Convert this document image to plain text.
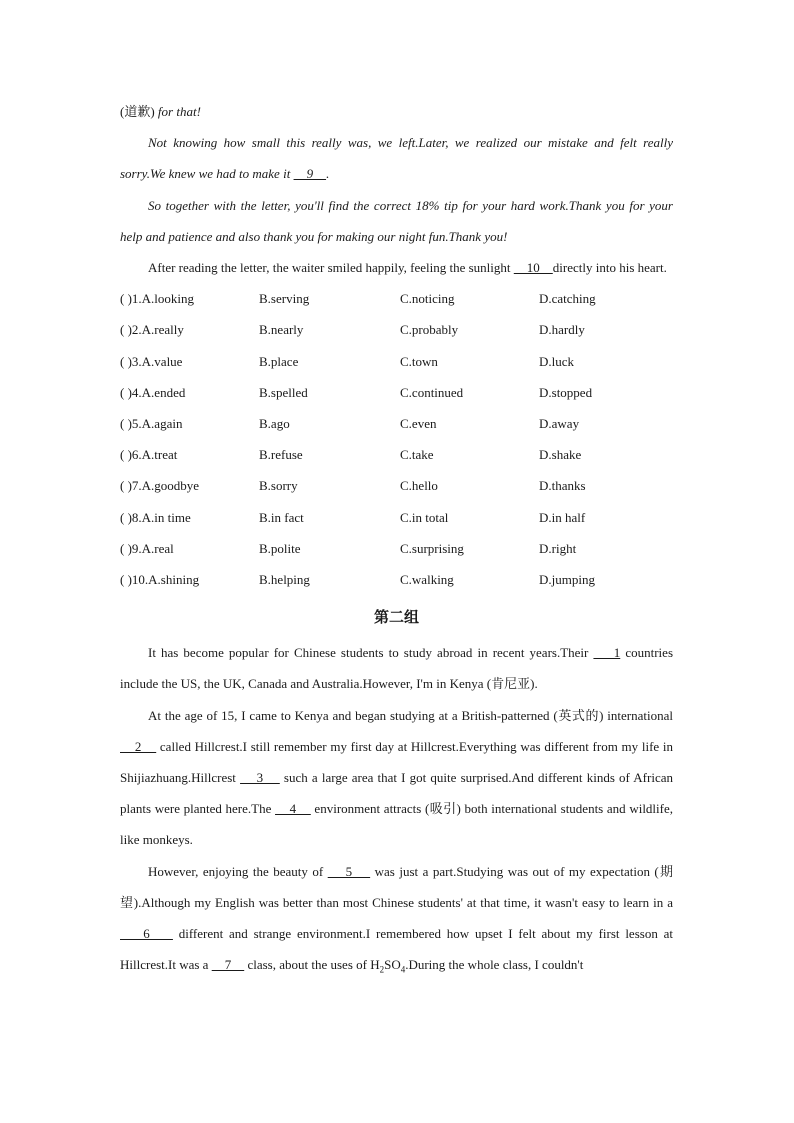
(道歉) for that!

Not knowing how small this really was, we left.Later, we realized our mistake and felt really sorry.We knew we had to make it     9    .

So together with the letter, you'll find the correct 18% tip for your hard work.Thank you for your help and patience and also thank you for making our night fun.Thank you!

After reading the letter, the waiter smiled happily, feeling the sunlight     10    directly into his heart.

( )1.A.looking	B.serving	C.noticing	D.catching
( )2.A.really	B.nearly	C.probably	D.hardly
( )3.A.value	B.place	C.town	D.luck
( )4.A.ended	B.spelled	C.continued	D.stopped
( )5.A.again	B.ago	C.even	D.away
( )6.A.treat	B.refuse	C.take	D.shake
( )7.A.goodbye	B.sorry	C.hello	D.thanks
( )8.A.in time	B.in fact	C.in total	D.in half
( )9.A.real	B.polite	C.surprising	D.right
( )10.A.shining	B.helping	C.walking	D.jumping
第二组

It has become popular for Chinese students to study abroad in recent years.Their     1 countries include the US, the UK, Canada and Australia.However, I'm in Kenya (肯尼亚).

At the age of 15, I came to Kenya and began studying at a British-patterned (英式的) international     2     called Hillcrest.I still remember my first day at Hillcrest.Everything was different from my life in Shijiazhuang.Hillcrest     3     such a large area that I got quite surprised.And different kinds of African plants were planted here.The     4     environment attracts (吸引) both international students and wildlife, like monkeys.

However, enjoying the beauty of     5     was just a part.Studying was out of my expectation (期望).Although my English was better than most Chinese students' at that time, it wasn't easy to learn in a     6     different and strange environment.I remembered how upset I felt about my first lesson at Hillcrest.It was a     7     class, about the uses of $H_2SO_4.During$ the whole class, I couldn't
